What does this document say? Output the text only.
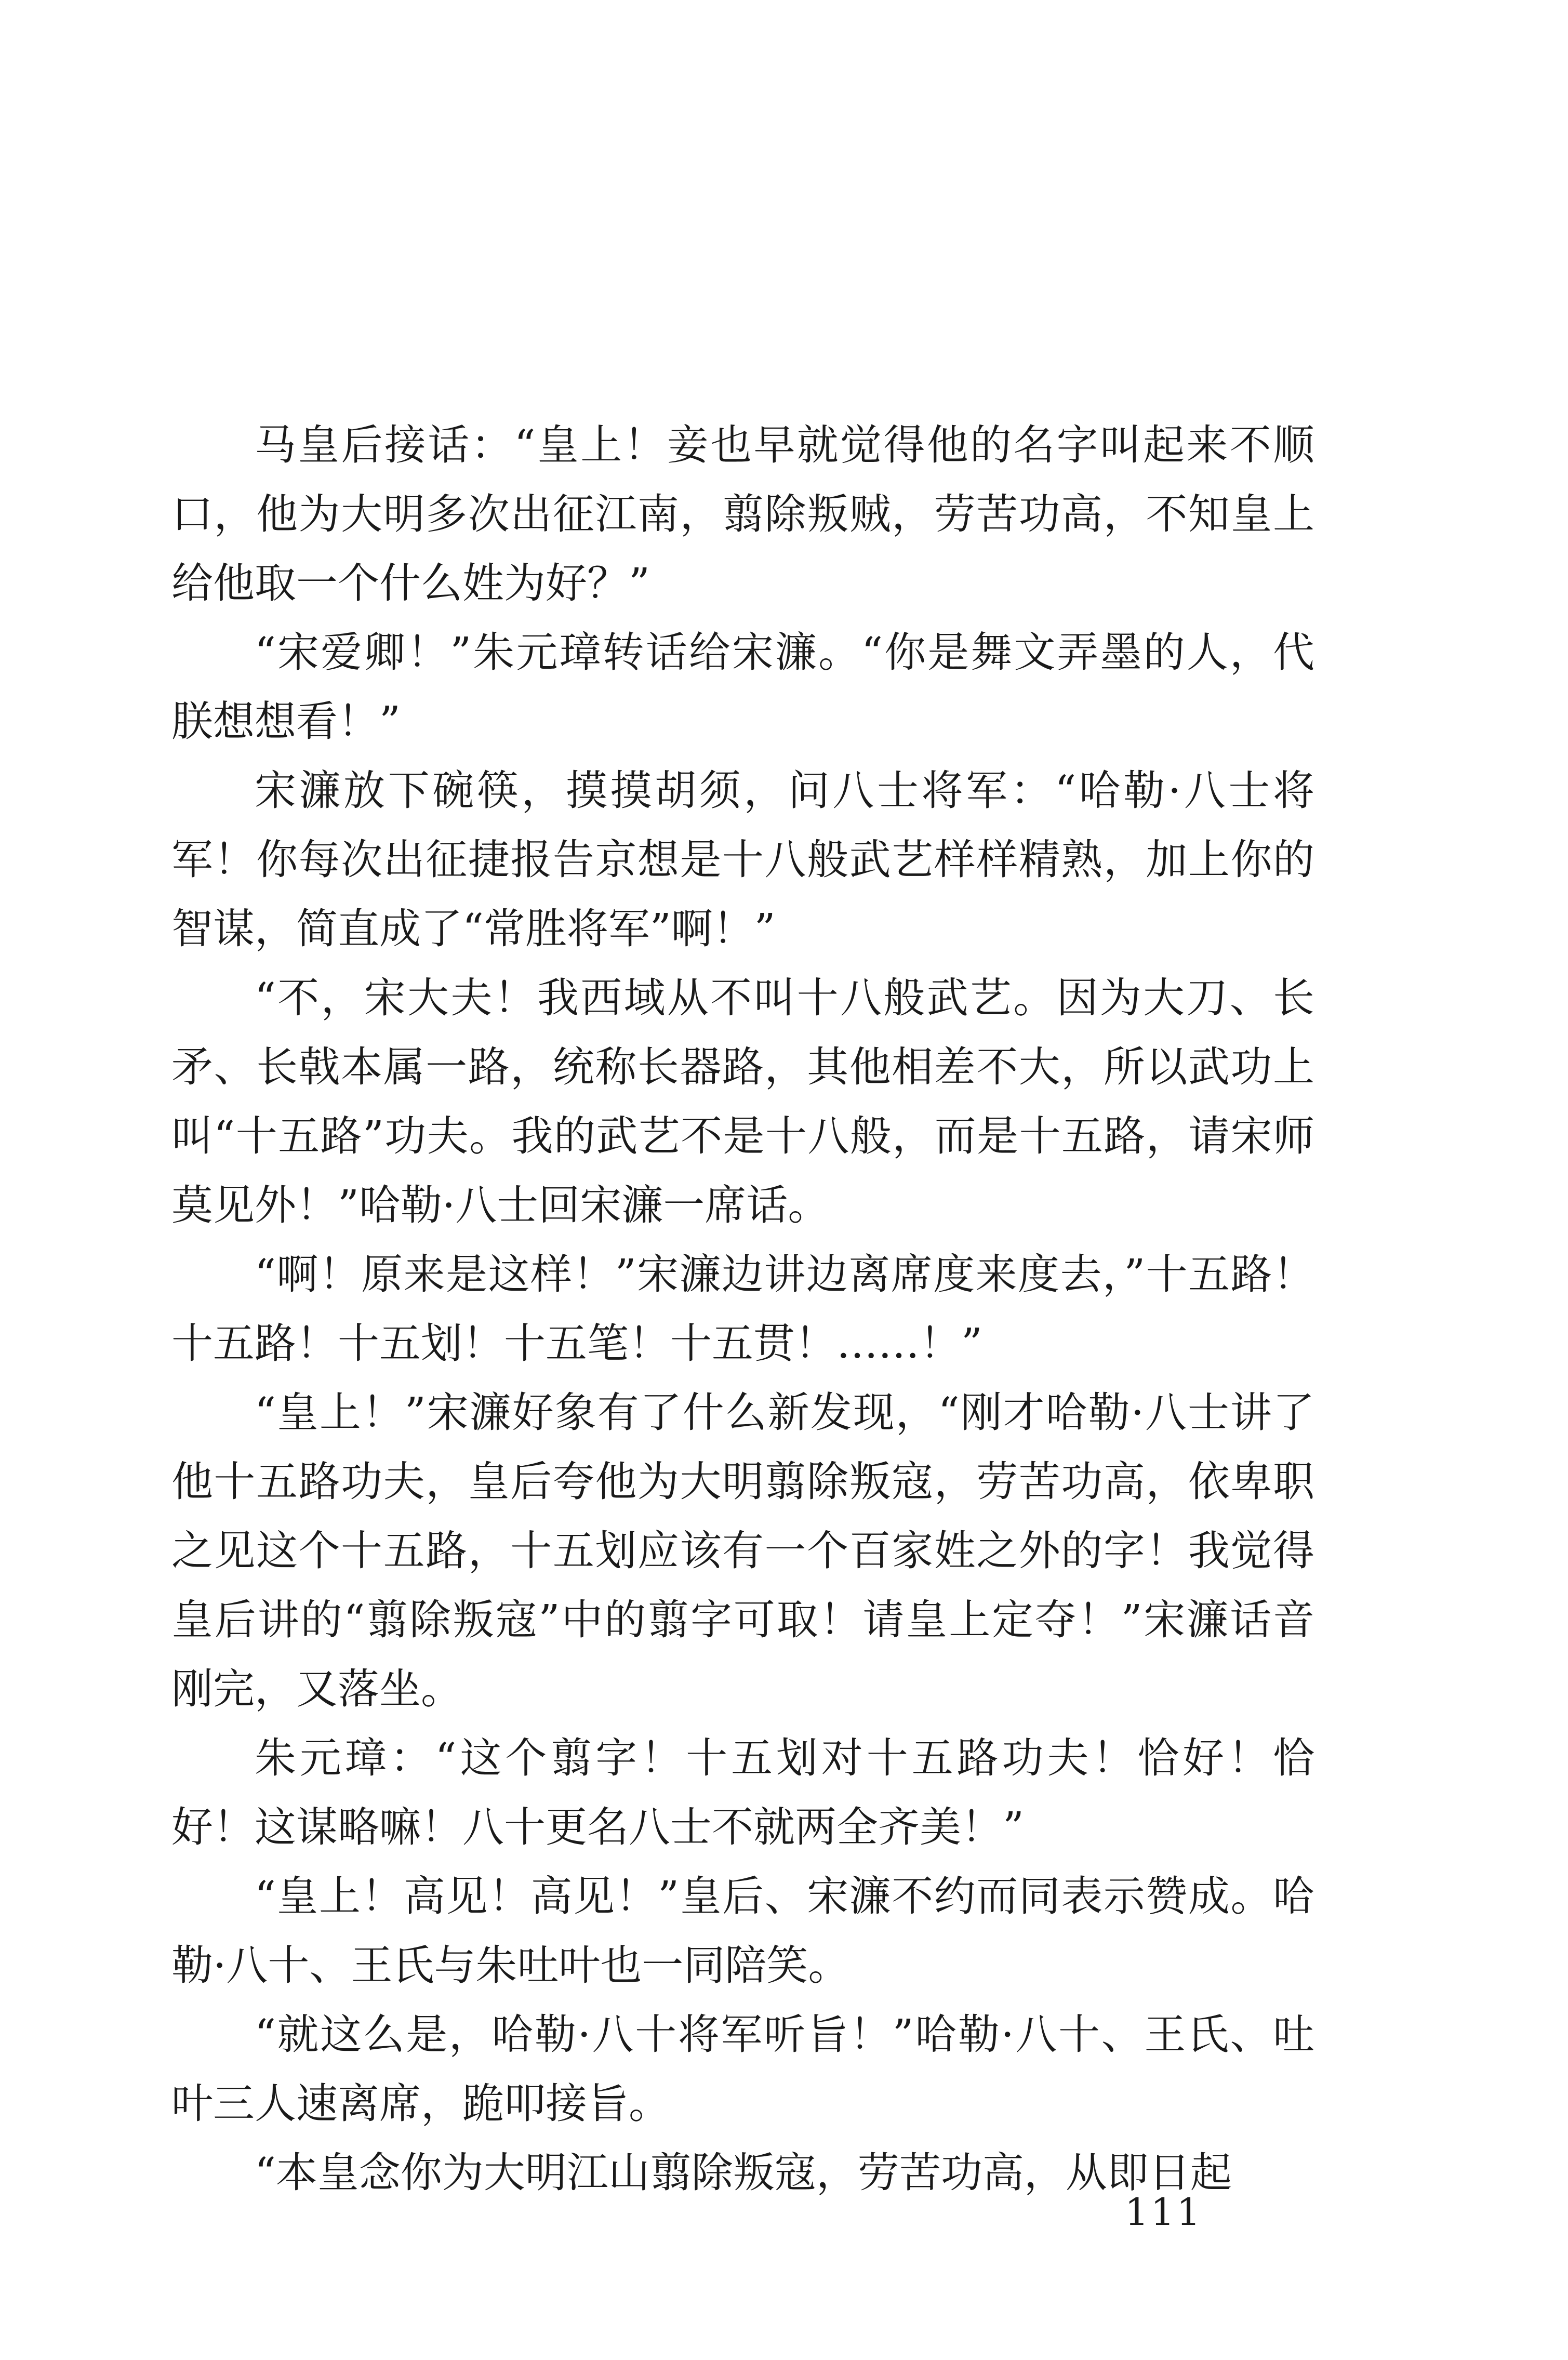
马皇后接话：“皇上！妾也早就觉得他的名字叫起来不顺口，他为大明多次出征江南，翦除叛贼，劳苦功高，不知皇上给他取一个什么姓为好？”

“宋爱卿！”朱元璋转话给宋濂。“你是舞文弄墨的人，代朕想想看！”

宋濂放下碗筷，摸摸胡须，问八士将军：“哈勒·八士将军！你每次出征捷报告京想是十八般武艺样样精熟，加上你的智谋，简直成了“常胜将军”啊！”

“不，宋大夫！我西域从不叫十八般武艺。因为大刀、长矛、长戟本属一路，统称长器路，其他相差不大，所以武功上叫“十五路”功夫。我的武艺不是十八般，而是十五路，请宋师莫见外！”哈勒·八士回宋濂一席话。

“啊！原来是这样！”宋濂边讲边离席度来度去，”十五路！十五路！十五划！十五笔！十五贯！……！”

“皇上！”宋濂好象有了什么新发现，“刚才哈勒·八士讲了他十五路功夫，皇后夸他为大明翦除叛寇，劳苦功高，依卑职之见这个十五路，十五划应该有一个百家姓之外的字！我觉得皇后讲的“翦除叛寇”中的翦字可取！请皇上定夺！”宋濂话音刚完，又落坐。

朱元璋：“这个翦字！十五划对十五路功夫！恰好！恰好！这谋略嘛！八十更名八士不就两全齐美！”

“皇上！高见！高见！”皇后、宋濂不约而同表示赞成。哈勒·八十、王氏与朱吐叶也一同陪笑。

“就这么是，哈勒·八十将军听旨！”哈勒·八十、王氏、吐叶三人速离席，跪叩接旨。

“本皇念你为大明江山翦除叛寇，劳苦功高，从即日起

111
